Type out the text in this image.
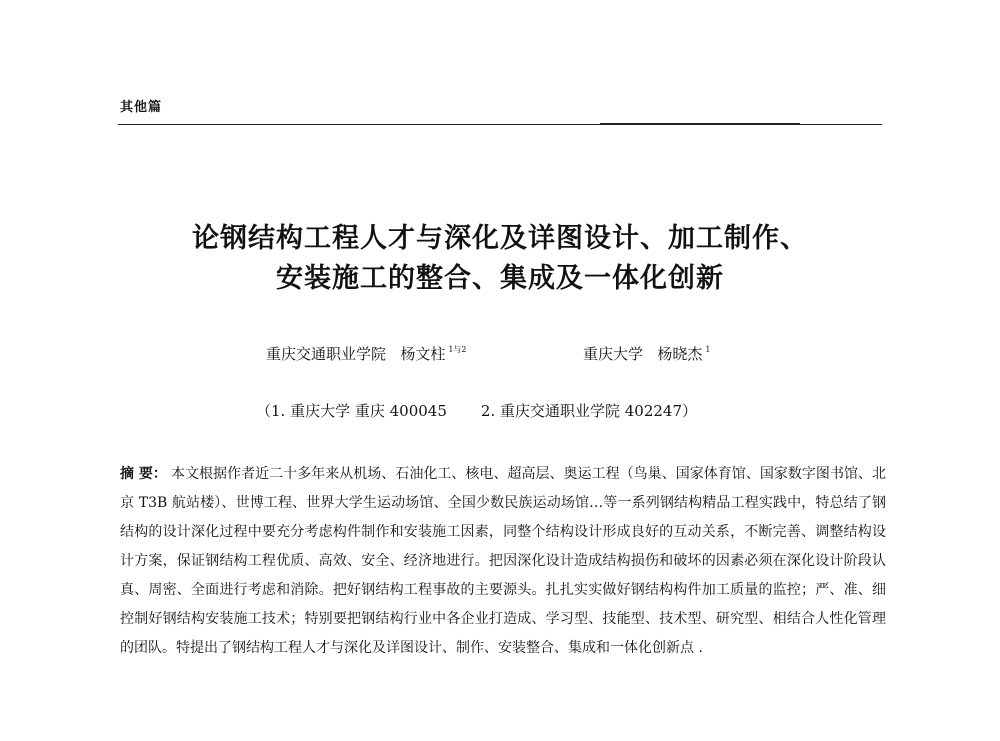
其他篇
论钢结构工程人才与深化及详图设计、加工制作、
安装施工的整合、集成及一体化创新
重庆交通职业学院 杨文柱 $^{1与2}$	重庆大学 杨晓杰 $^1$
（1. 重庆大学 重庆 400045 2. 重庆交通职业学院 402247）
摘 要： 本文根据作者近二十多年来从机场、石油化工、核电、超高层、奥运工程（鸟巢、国家体育馆、国家数字图书馆、北京 T3B 航站楼）、世博工程、世界大学生运动场馆、全国少数民族运动场馆…等一系列钢结构精品工程实践中，特总结了钢结构的设计深化过程中要充分考虑构件制作和安装施工因素，同整个结构设计形成良好的互动关系，不断完善、调整结构设计方案，保证钢结构工程优质、高效、安全、经济地进行。把因深化设计造成结构损伤和破坏的因素必须在深化设计阶段认真、周密、全面进行考虑和消除。把好钢结构工程事故的主要源头。扎扎实实做好钢结构构件加工质量的监控；严、准、细控制好钢结构安装施工技术；特别要把钢结构行业中各企业打造成、学习型、技能型、技术型、研究型、相结合人性化管理的团队。特提出了钢结构工程人才与深化及详图设计、制作、安装整合、集成和一体化创新点 .
